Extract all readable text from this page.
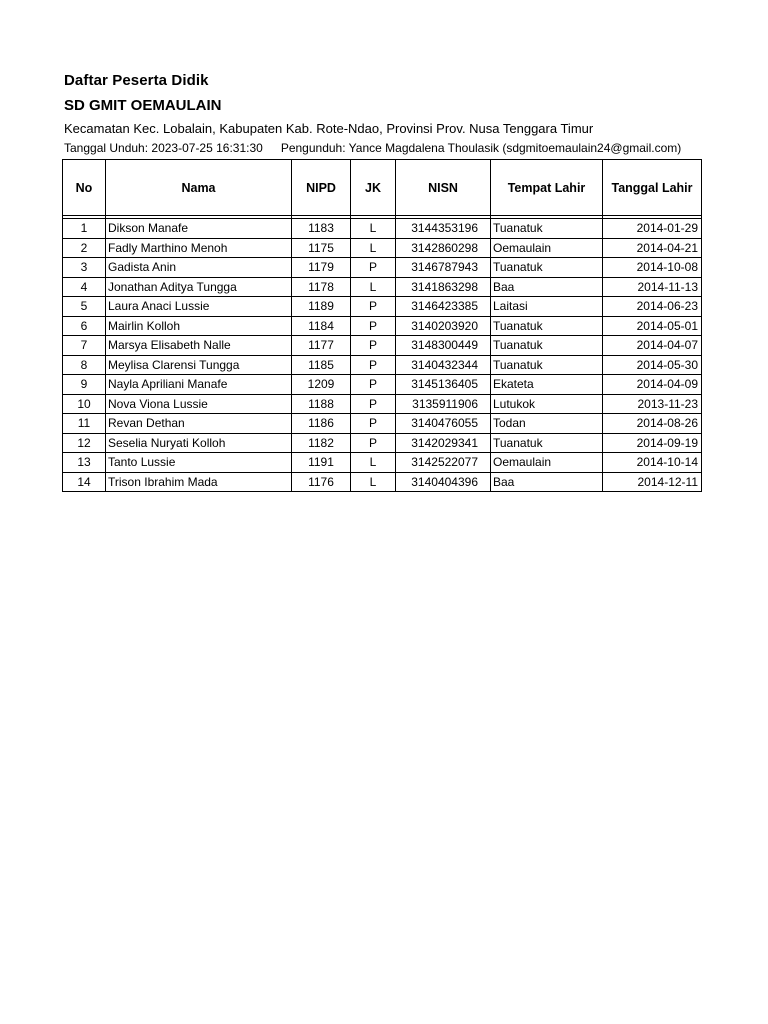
Daftar Peserta Didik
SD GMIT OEMAULAIN
Kecamatan Kec. Lobalain, Kabupaten Kab. Rote-Ndao, Provinsi Prov. Nusa Tenggara Timur
Tanggal Unduh: 2023-07-25 16:31:30 Pengunduh: Yance Magdalena Thoulasik (sdgmitoemaulain24@gmail.com)
No	Nama	NIPD	JK	NISN	Tempat Lahir	Tanggal Lahir

1	Dikson Manafe	1183	L	3144353196	Tuanatuk	2014-01-29
2	Fadly Marthino Menoh	1175	L	3142860298	Oemaulain	2014-04-21
3	Gadista Anin	1179	P	3146787943	Tuanatuk	2014-10-08
4	Jonathan Aditya Tungga	1178	L	3141863298	Baa	2014-11-13
5	Laura Anaci Lussie	1189	P	3146423385	Laitasi	2014-06-23
6	Mairlin Kolloh	1184	P	3140203920	Tuanatuk	2014-05-01
7	Marsya Elisabeth Nalle	1177	P	3148300449	Tuanatuk	2014-04-07
8	Meylisa Clarensi Tungga	1185	P	3140432344	Tuanatuk	2014-05-30
9	Nayla Apriliani Manafe	1209	P	3145136405	Ekateta	2014-04-09
10	Nova Viona Lussie	1188	P	3135911906	Lutukok	2013-11-23
11	Revan Dethan	1186	P	3140476055	Todan	2014-08-26
12	Seselia Nuryati Kolloh	1182	P	3142029341	Tuanatuk	2014-09-19
13	Tanto Lussie	1191	L	3142522077	Oemaulain	2014-10-14
14	Trison Ibrahim Mada	1176	L	3140404396	Baa	2014-12-11
